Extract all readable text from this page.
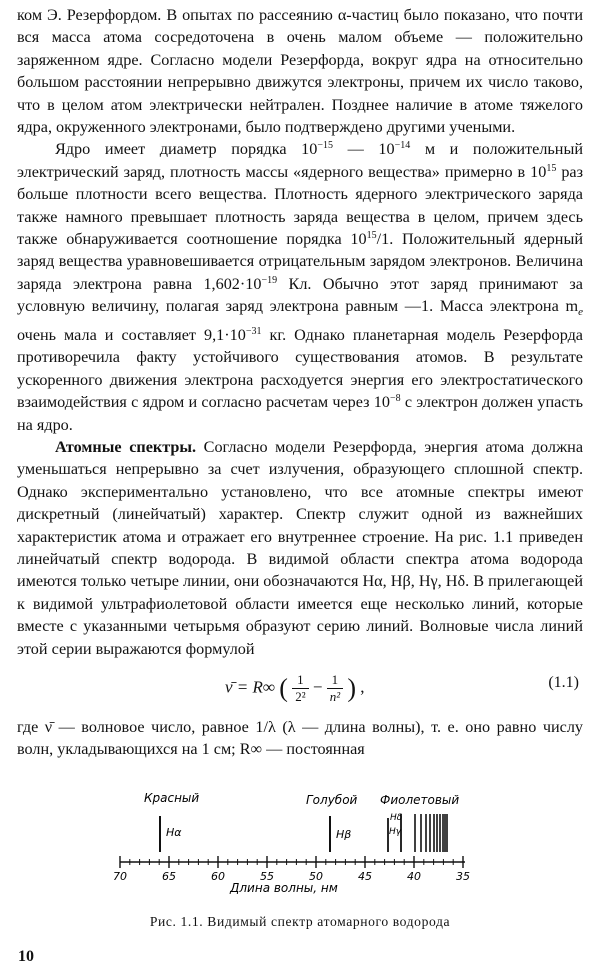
ком Э. Резерфордом. В опытах по рассеянию α-частиц было показано, что почти вся масса атома сосредоточена в очень малом объеме — положительно заряженном ядре. Согласно модели Резерфорда, вокруг ядра на относительно большом расстоянии непрерывно движутся электроны, причем их число таково, что в целом атом электрически нейтрален. Позднее наличие в атоме тяжелого ядра, окруженного электронами, было подтверждено другими учеными.

Ядро имеет диаметр порядка $10^{-15}$ — $10^{-14}$ м и положительный электрический заряд, плотность массы «ядерного вещества» примерно в $10^{15}$ раз больше плотности всего вещества. Плотность ядерного электрического заряда также намного превышает плотность заряда вещества в целом, причем здесь также обнаруживается соотношение порядка $10^{15}/1$. Положительный ядерный заряд вещества уравновешивается отрицательным зарядом электронов. Величина заряда электрона равна $1,602\cdot 10^{-19}$ Кл. Обычно этот заряд принимают за условную величину, полагая заряд электрона равным —1. Масса электрона $m_e$ очень мала и составляет $9,1\cdot 10^{-31}$ кг. Однако планетарная модель Резерфорда противоречила факту устойчивого существования атомов. В результате ускоренного движения электрона расходуется энергия его электростатического взаимодействия с ядром и согласно расчетам через $10^{-8}$ с электрон должен упасть на ядро.

Атомные спектры. Согласно модели Резерфорда, энергия атома должна уменьшаться непрерывно за счет излучения, образующего сплошной спектр. Однако экспериментально установлено, что все атомные спектры имеют дискретный (линейчатый) характер. Спектр служит одной из важнейших характеристик атома и отражает его внутреннее строение. На рис. 1.1 приведен линейчатый спектр водорода. В видимой области спектра атома водорода имеются только четыре линии, они обозначаются Hα, Hβ, Hγ, Hδ. В прилегающей к видимой ультрафиолетовой области имеется еще несколько линий, которые вместе с указанными четырьмя образуют серию линий. Волновые числа линий этой серии выражаются формулой

ν̄ = R∞ ( $\frac{1}{\text{2²}} - \frac{1}{\text{n²}}$ ) ,	(1.1)

где ν̄ — волновое число, равное 1/λ (λ — длина волны), т. е. оно равно числу волн, укладывающихся на 1 см; R∞ — постоянная

Красный	Голубой Фиолетовый
Hα	Hβ	Hγ
Hδ
70	65	60	55	50	45	40	35
Длина волны, нм
Рис. 1.1. Видимый спектр атомарного водорода
10
